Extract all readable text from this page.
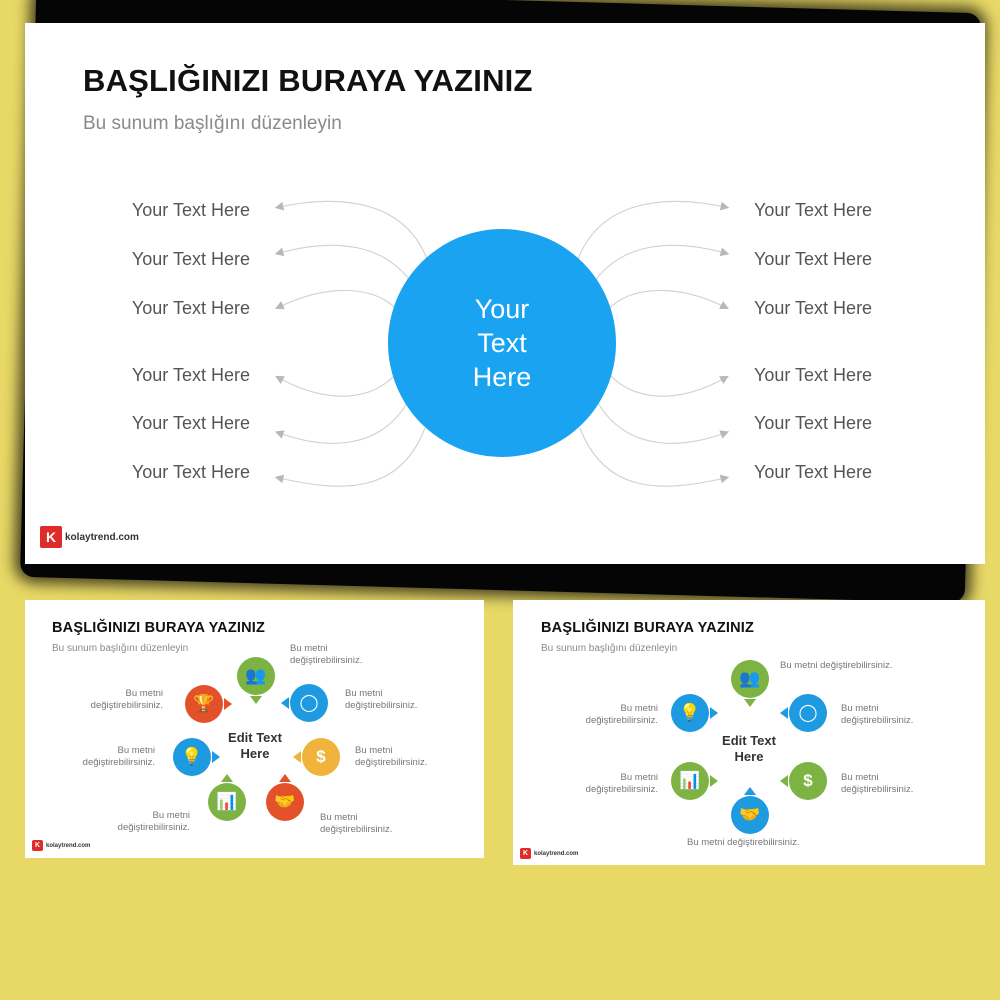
BAŞLIĞINIZI BURAYA YAZINIZ
Bu sunum başlığını düzenleyin
Your Text Here
Your Text Here
Your Text Here
Your Text Here
Your Text Here
Your Text Here
Your Text Here
Your Text Here
Your Text Here
Your Text Here
Your Text Here
Your Text Here
Your
Text
Here
K kolaytrend.com
BAŞLIĞINIZI BURAYA YAZINIZ
Bu sunum başlığını düzenleyin	Bu metni
değiştirebilirsiniz.
Bu metni
değiştirebilirsiniz.
Bu metni
değiştirebilirsiniz.
Bu metni
değiştirebilirsiniz.
Bu metni
değiştirebilirsiniz.
Bu metni
değiştirebilirsiniz.
Bu metni
değiştirebilirsiniz.
👥
🏆	◯
💡	$
📊	🤝
Edit Text
Here
K kolaytrend.com
BAŞLIĞINIZI BURAYA YAZINIZ
Bu sunum başlığını düzenleyin
Bu metni değiştirebilirsiniz.
Bu metni
değiştirebilirsiniz.
Bu metni
değiştirebilirsiniz.
Bu metni
değiştirebilirsiniz.
Bu metni
değiştirebilirsiniz.
Bu metni değiştirebilirsiniz.
👥
💡	◯
📊	$
🤝
Edit Text
Here
K kolaytrend.com
